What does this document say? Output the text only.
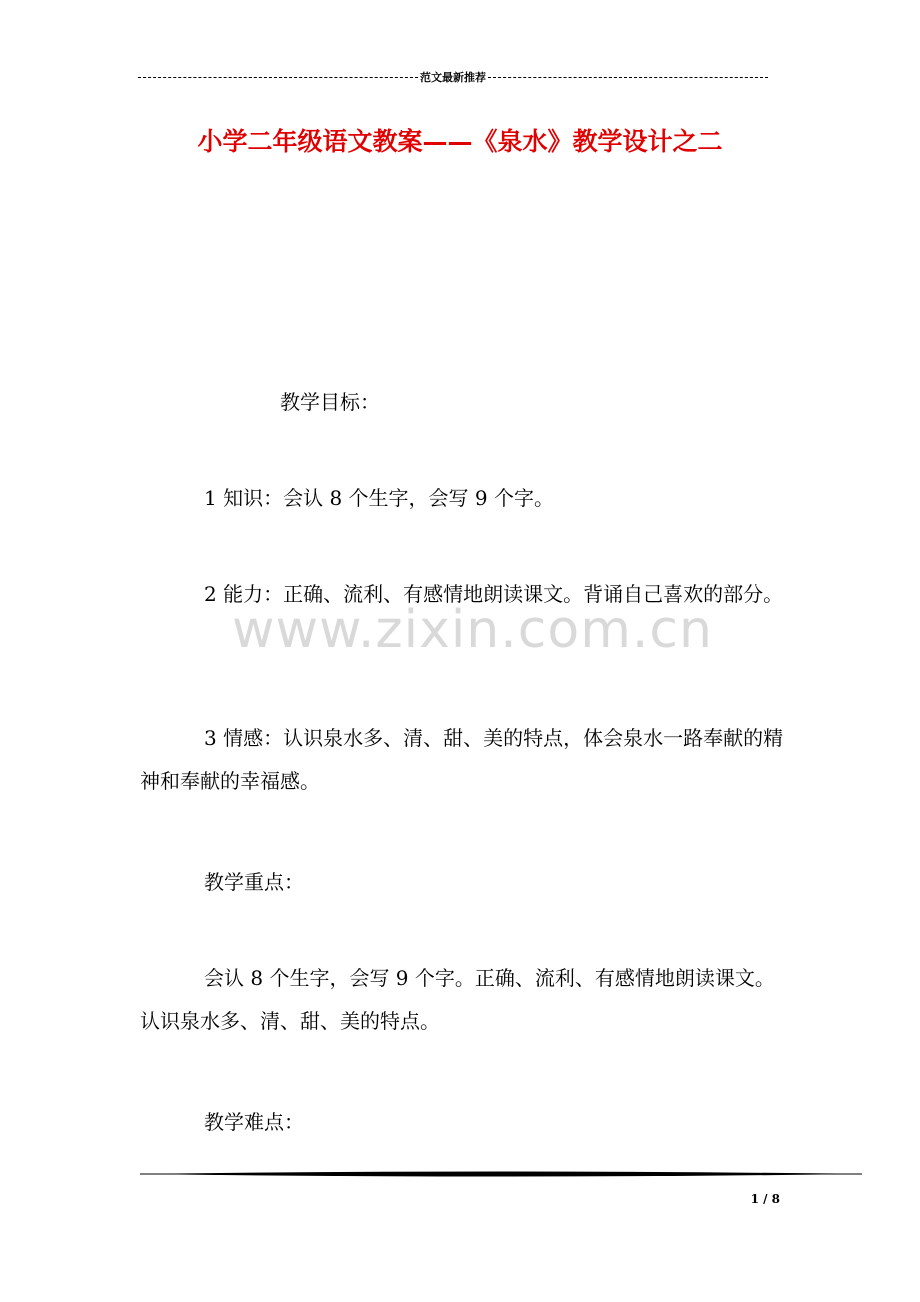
范文最新推荐
小学二年级语文教案——《泉水》教学设计之二
教学目标：
1 知识：会认 8 个生字，会写 9 个字。
2 能力：正确、流利、有感情地朗读课文。背诵自己喜欢的部分。
3 情感：认识泉水多、清、甜、美的特点，体会泉水一路奉献的精神和奉献的幸福感。
教学重点：
会认 8 个生字，会写 9 个字。正确、流利、有感情地朗读课文。认识泉水多、清、甜、美的特点。
教学难点：
www.zixin.com.cn
1 / 8
